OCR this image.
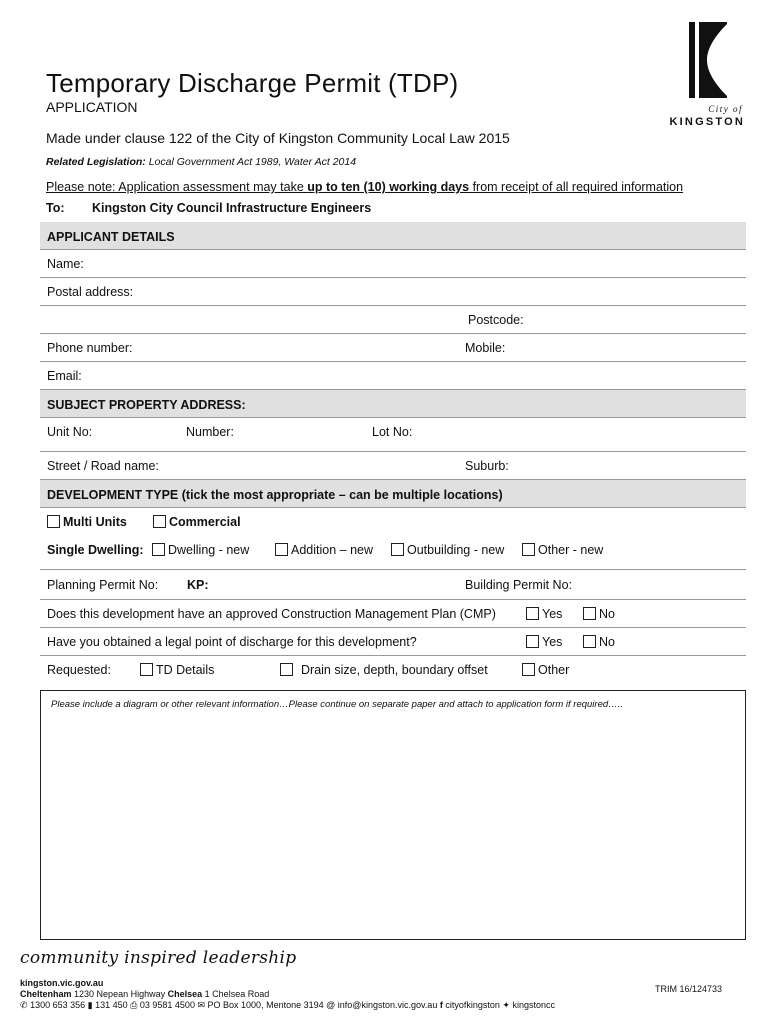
Temporary Discharge Permit (TDP)
APPLICATION
Made under clause 122 of the City of Kingston Community Local Law 2015
Related Legislation: Local Government Act 1989, Water Act 2014
Please note: Application assessment may take up to ten (10) working days from receipt of all required information
To: Kingston City Council Infrastructure Engineers
City of
KINGSTON
APPLICANT DETAILS
Name:
Postal address:
Postcode:
Phone number:	Mobile:
Email:
SUBJECT PROPERTY ADDRESS:
Unit No:	Number:	Lot No:
Street / Road name:	Suburb:
DEVELOPMENT TYPE (tick the most appropriate – can be multiple locations)
Multi Units	Commercial
Single Dwelling:	Dwelling - new	Addition – new	Outbuilding - new	Other - new
Planning Permit No: KP:	Building Permit No:
Does this development have an approved Construction Management Plan (CMP)	Yes	No
Have you obtained a legal point of discharge for this development?	Yes	No
Requested:	TD Details	Drain size, depth, boundary offset	Other
Please include a diagram or other relevant information…Please continue on separate paper and attach to application form if required…..
community inspired leadership
kingston.vic.gov.au
Cheltenham 1230 Nepean Highway Chelsea 1 Chelsea Road
✆ 1300 653 356 ▮ 131 450 ⎙ 03 9581 4500 ✉ PO Box 1000, Mentone 3194 @ info@kingston.vic.gov.au f cityofkingston ✦ kingstoncc
TRIM 16/124733
